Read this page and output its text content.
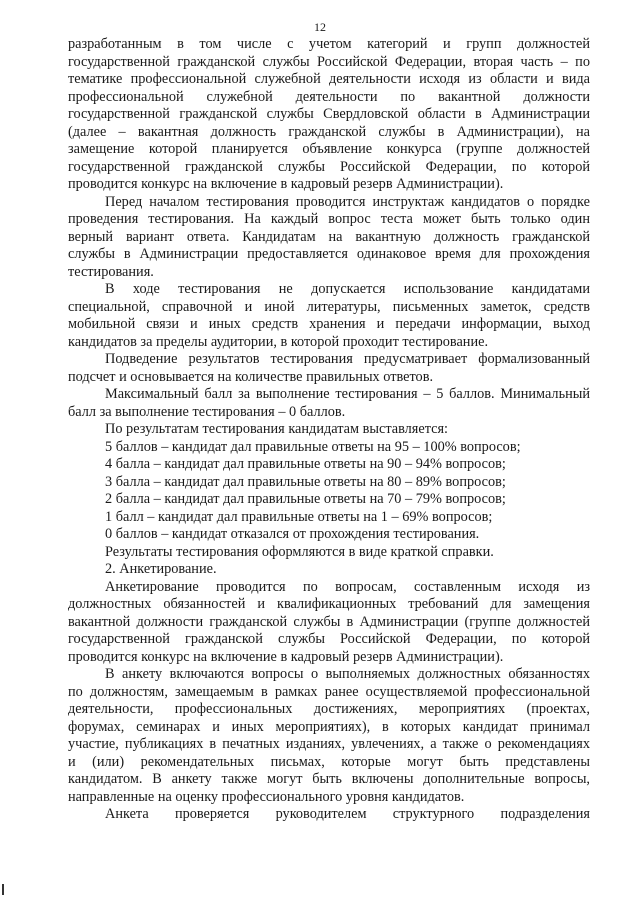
12

разработанным в том числе с учетом категорий и групп должностей

государственной гражданской службы Российской Федерации, вторая часть – по

тематике профессиональной служебной деятельности исходя из области и вида

профессиональной служебной деятельности по вакантной должности

государственной гражданской службы Свердловской области в Администрации

(далее – вакантная должность гражданской службы в Администрации), на

замещение которой планируется объявление конкурса (группе должностей

государственной гражданской службы Российской Федерации, по которой

проводится конкурс на включение в кадровый резерв Администрации).

Перед началом тестирования проводится инструктаж кандидатов о порядке

проведения тестирования. На каждый вопрос теста может быть только один

верный вариант ответа. Кандидатам на вакантную должность гражданской

службы в Администрации предоставляется одинаковое время для прохождения

тестирования.

В ходе тестирования не допускается использование кандидатами

специальной, справочной и иной литературы, письменных заметок, средств

мобильной связи и иных средств хранения и передачи информации, выход

кандидатов за пределы аудитории, в которой проходит тестирование.

Подведение результатов тестирования предусматривает формализованный

подсчет и основывается на количестве правильных ответов.

Максимальный балл за выполнение тестирования – 5 баллов. Минимальный

балл за выполнение тестирования – 0 баллов.

По результатам тестирования кандидатам выставляется:

5 баллов – кандидат дал правильные ответы на 95 – 100% вопросов;

4 балла – кандидат дал правильные ответы на 90 – 94% вопросов;

3 балла – кандидат дал правильные ответы на 80 – 89% вопросов;

2 балла – кандидат дал правильные ответы на 70 – 79% вопросов;

1 балл – кандидат дал правильные ответы на 1 – 69% вопросов;

0 баллов – кандидат отказался от прохождения тестирования.

Результаты тестирования оформляются в виде краткой справки.

2. Анкетирование.

Анкетирование проводится по вопросам, составленным исходя из

должностных обязанностей и квалификационных требований для замещения

вакантной должности гражданской службы в Администрации (группе должностей

государственной гражданской службы Российской Федерации, по которой

проводится конкурс на включение в кадровый резерв Администрации).

В анкету включаются вопросы о выполняемых должностных обязанностях

по должностям, замещаемым в рамках ранее осуществляемой профессиональной

деятельности, профессиональных достижениях, мероприятиях (проектах,

форумах, семинарах и иных мероприятиях), в которых кандидат принимал

участие, публикациях в печатных изданиях, увлечениях, а также о рекомендациях

и (или) рекомендательных письмах, которые могут быть представлены

кандидатом. В анкету также могут быть включены дополнительные вопросы,

направленные на оценку профессионального уровня кандидатов.

Анкета проверяется руководителем структурного подразделения
